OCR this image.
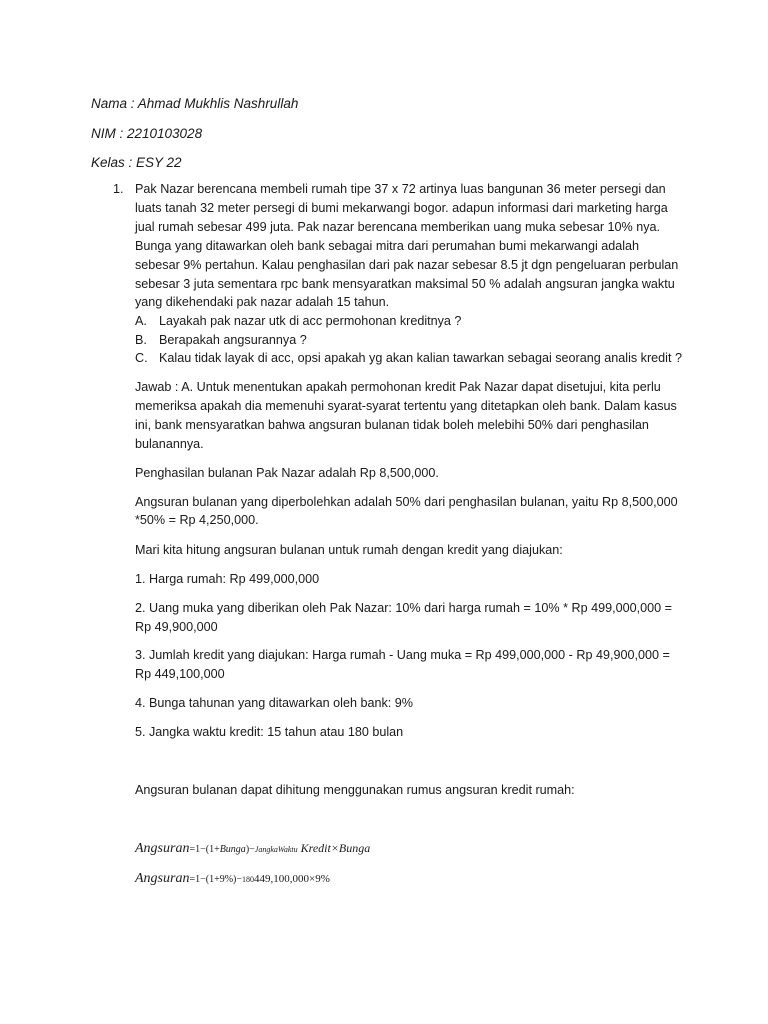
Nama : Ahmad Mukhlis Nashrullah
NIM : 2210103028
Kelas : ESY 22
1. Pak Nazar berencana membeli rumah tipe 37 x 72 artinya luas bangunan 36 meter persegi dan
luats tanah 32 meter persegi di bumi mekarwangi bogor. adapun informasi dari marketing harga
jual rumah sebesar 499 juta. Pak nazar berencana memberikan uang muka sebesar 10% nya.
Bunga yang ditawarkan oleh bank sebagai mitra dari perumahan bumi mekarwangi adalah
sebesar 9% pertahun. Kalau penghasilan dari pak nazar sebesar 8.5 jt dgn pengeluaran perbulan
sebesar 3 juta sementara rpc bank mensyaratkan maksimal 50 % adalah angsuran jangka waktu
yang dikehendaki pak nazar adalah 15 tahun.
A. Layakah pak nazar utk di acc permohonan kreditnya ?
B. Berapakah angsurannya ?
C. Kalau tidak layak di acc, opsi apakah yg akan kalian tawarkan sebagai seorang analis kredit ?
Jawab : A. Untuk menentukan apakah permohonan kredit Pak Nazar dapat disetujui, kita perlu
memeriksa apakah dia memenuhi syarat-syarat tertentu yang ditetapkan oleh bank. Dalam kasus
ini, bank mensyaratkan bahwa angsuran bulanan tidak boleh melebihi 50% dari penghasilan
bulanannya.
Penghasilan bulanan Pak Nazar adalah Rp 8,500,000.
Angsuran bulanan yang diperbolehkan adalah 50% dari penghasilan bulanan, yaitu Rp 8,500,000
*50% = Rp 4,250,000.
Mari kita hitung angsuran bulanan untuk rumah dengan kredit yang diajukan:
1. Harga rumah: Rp 499,000,000
2. Uang muka yang diberikan oleh Pak Nazar: 10% dari harga rumah = 10% * Rp 499,000,000 =
Rp 49,900,000
3. Jumlah kredit yang diajukan: Harga rumah - Uang muka = Rp 499,000,000 - Rp 49,900,000 =
Rp 449,100,000
4. Bunga tahunan yang ditawarkan oleh bank: 9%
5. Jangka waktu kredit: 15 tahun atau 180 bulan
Angsuran bulanan dapat dihitung menggunakan rumus angsuran kredit rumah:
Angsuran=1−(1+Bunga)−JangkaWaktu Kredit×Bunga
Angsuran=1−(1+9%)−180449,100,000×9%
